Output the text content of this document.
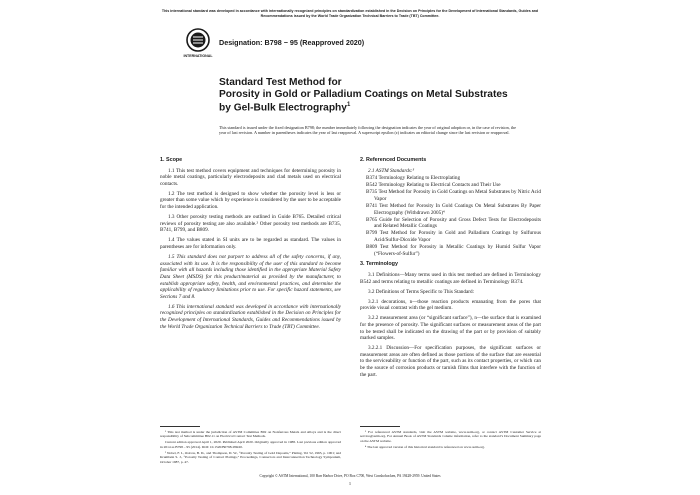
This international standard was developed in accordance with internationally recognized principles on standardization established in the Decision on Principles for the Development of International Standards, Guides and Recommendations issued by the World Trade Organization Technical Barriers to Trade (TBT) Committee.
INTERNATIONAL
Designation: B798 − 95 (Reapproved 2020)
Standard Test Method for
Porosity in Gold or Palladium Coatings on Metal Substrates
by Gel-Bulk Electrography$^1$
This standard is issued under the fixed designation B798; the number immediately following the designation indicates the year of original adoption or, in the case of revision, the year of last revision. A number in parentheses indicates the year of last reapproval. A superscript epsilon (ε) indicates an editorial change since the last revision or reapproval.
1. Scope
1.1 This test method covers equipment and techniques for determining porosity in noble metal coatings, particularly electrodeposits and clad metals used on electrical contacts.
1.2 The test method is designed to show whether the porosity level is less or greater than some value which by experience is considered by the user to be acceptable for the intended application.
1.3 Other porosity testing methods are outlined in Guide B765. Detailed critical reviews of porosity testing are also available.² Other porosity test methods are B735, B741, B799, and B809.
1.4 The values stated in SI units are to be regarded as standard. The values in parentheses are for information only.
1.5 This standard does not purport to address all of the safety concerns, if any, associated with its use. It is the responsibility of the user of this standard to become familiar with all hazards including those identified in the appropriate Material Safety Data Sheet (MSDS) for this product/material as provided by the manufacturer, to establish appropriate safety, health, and environmental practices, and determine the applicability of regulatory limitations prior to use. For specific hazard statements, see Sections 7 and 8.
1.6 This international standard was developed in accordance with internationally recognized principles on standardization established in the Decision on Principles for the Development of International Standards, Guides and Recommendations issued by the World Trade Organization Technical Barriers to Trade (TBT) Committee.
2. Referenced Documents
2.1 ASTM Standards:³
B374 Terminology Relating to Electroplating
B542 Terminology Relating to Electrical Contacts and Their Use
B735 Test Method for Porosity in Gold Coatings on Metal Substrates by Nitric Acid Vapor
B741 Test Method for Porosity In Gold Coatings On Metal Substrates By Paper Electrography (Withdrawn 2005)⁴
B765 Guide for Selection of Porosity and Gross Defect Tests for Electrodeposits and Related Metallic Coatings
B799 Test Method for Porosity in Gold and Palladium Coatings by Sulfurous Acid/Sulfur-Dioxide Vapor
B809 Test Method for Porosity in Metallic Coatings by Humid Sulfur Vapor (“Flowers-of-Sulfur”)
3. Terminology
3.1 Definitions—Many terms used in this test method are defined in Terminology B542 and terms relating to metallic coatings are defined in Terminology B374.
3.2 Definitions of Terms Specific to This Standard:
3.2.1 decorations, n—those reaction products emanating from the pores that provide visual contrast with the gel medium.
3.2.2 measurement area (or “significant surface”), n—the surface that is examined for the presence of porosity. The significant surfaces or measurement areas of the part to be tested shall be indicated on the drawing of the part or by provision of suitably marked samples.
3.2.2.1 Discussion—For specification purposes, the significant surfaces or measurement areas are often defined as those portions of the surface that are essential to the serviceability or function of the part, such as its contact properties, or which can be the source of corrosion products or tarnish films that interfere with the function of the part.
¹ This test method is under the jurisdiction of ASTM Committee B02 on Nonferrous Metals and Alloys and is the direct responsibility of Subcommittee B02.11 on Electrical Contact Test Methods.
Current edition approved April 1, 2020. Published April 2020. Originally approved in 1988. Last previous edition approved in 2014 as B798 – 95 (2014). DOI: 10.1520/B0798-95R20.
² Nobel, F. I., Ostrow, B. D., and Thompson, D. W., “Porosity Testing of Gold Deposits,” Plating, Vol 52, 1965, p. 1001; and Krumbein S. J., “Porosity Testing of Contact Platings,” Proceedings, Connectors and Interconnection Technology Symposium, October 1987, p. 47.
³ For referenced ASTM standards, visit the ASTM website, www.astm.org, or contact ASTM Customer Service at service@astm.org. For Annual Book of ASTM Standards volume information, refer to the standard’s Document Summary page on the ASTM website.
⁴ The last approved version of this historical standard is referenced on www.astm.org.
Copyright © ASTM International, 100 Barr Harbor Drive, PO Box C700, West Conshohocken, PA 19428-2959. United States
1
